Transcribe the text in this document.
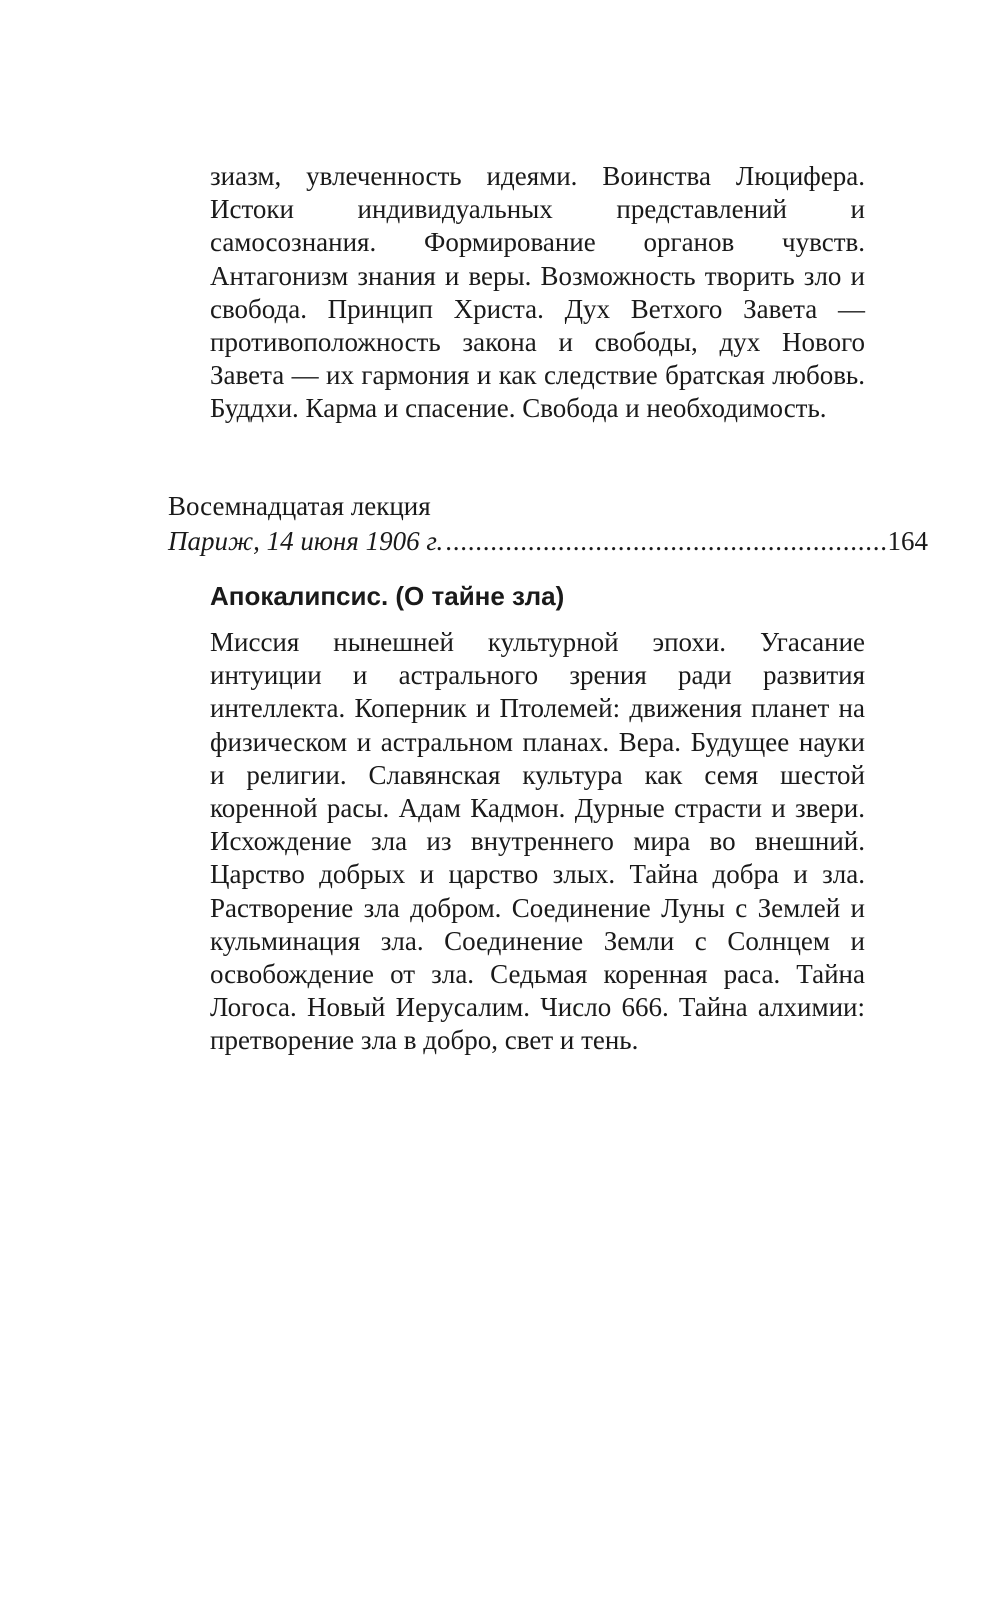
зиазм, увлеченность идеями. Воинства Люцифера. Истоки индивидуальных представлений и самосознания. Формирование органов чувств. Антагонизм знания и веры. Возможность творить зло и свобода. Принцип Христа. Дух Ветхого Завета — противоположность закона и свободы, дух Нового Завета — их гармония и как следствие братская любовь. Буддхи. Карма и спасение. Свобода и необходимость.

Восемнадцатая лекция

Париж, 14 июня 1906 г.
. . .	164

Апокалипсис. (О тайне зла)

Миссия нынешней культурной эпохи. Угасание интуиции и астрального зрения ради развития интеллекта. Коперник и Птолемей: движения планет на физическом и астральном планах. Вера. Будущее науки и религии. Славянская культура как семя шестой коренной расы. Адам Кадмон. Дурные страсти и звери. Исхождение зла из внутреннего мира во внешний. Царство добрых и царство злых. Тайна добра и зла. Растворение зла добром. Соединение Луны с Землей и кульминация зла. Соединение Земли с Солнцем и освобождение от зла. Седьмая коренная раса. Тайна Логоса. Новый Иерусалим. Число 666. Тайна алхимии: претворение зла в добро, свет и тень.
